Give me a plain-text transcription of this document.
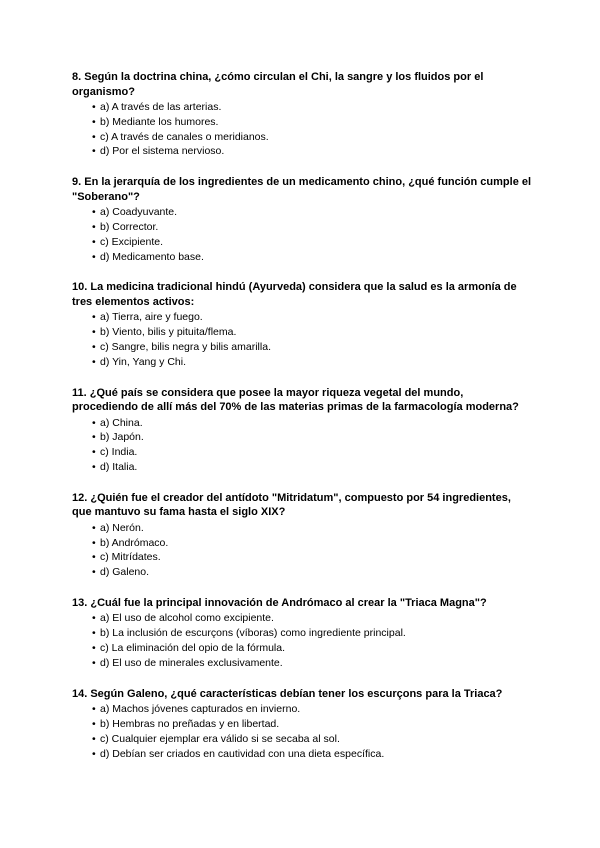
8. Según la doctrina china, ¿cómo circulan el Chi, la sangre y los fluidos por el organismo?
• a) A través de las arterias.
• b) Mediante los humores.
• c) A través de canales o meridianos.
• d) Por el sistema nervioso.
9. En la jerarquía de los ingredientes de un medicamento chino, ¿qué función cumple el "Soberano"?
• a) Coadyuvante.
• b) Corrector.
• c) Excipiente.
• d) Medicamento base.
10. La medicina tradicional hindú (Ayurveda) considera que la salud es la armonía de tres elementos activos:
• a) Tierra, aire y fuego.
• b) Viento, bilis y pituita/flema.
• c) Sangre, bilis negra y bilis amarilla.
• d) Yin, Yang y Chi.
11. ¿Qué país se considera que posee la mayor riqueza vegetal del mundo, procediendo de allí más del 70% de las materias primas de la farmacología moderna?
• a) China.
• b) Japón.
• c) India.
• d) Italia.
12. ¿Quién fue el creador del antídoto "Mitridatum", compuesto por 54 ingredientes, que mantuvo su fama hasta el siglo XIX?
• a) Nerón.
• b) Andrómaco.
• c) Mitrídates.
• d) Galeno.
13. ¿Cuál fue la principal innovación de Andrómaco al crear la "Triaca Magna"?
• a) El uso de alcohol como excipiente.
• b) La inclusión de escurçons (víboras) como ingrediente principal.
• c) La eliminación del opio de la fórmula.
• d) El uso de minerales exclusivamente.
14. Según Galeno, ¿qué características debían tener los escurçons para la Triaca?
• a) Machos jóvenes capturados en invierno.
• b) Hembras no preñadas y en libertad.
• c) Cualquier ejemplar era válido si se secaba al sol.
• d) Debían ser criados en cautividad con una dieta específica.
